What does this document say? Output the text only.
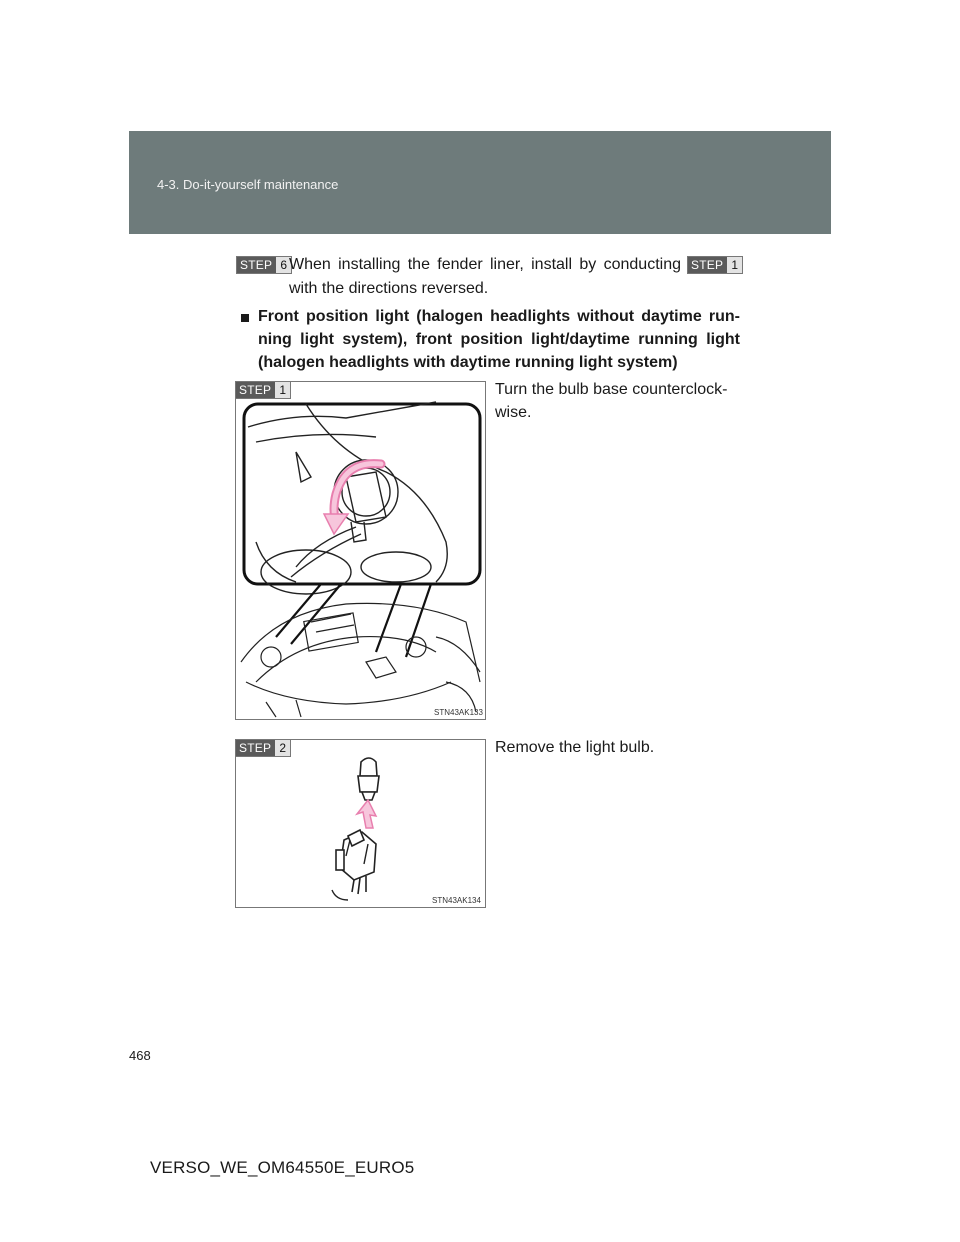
4-3. Do-it-yourself maintenance
STEP 6 When installing the fender liner, install by conducting STEP 1
with the directions reversed.
Front position light (halogen headlights without daytime run-
ning light system), front position light/daytime running light
(halogen headlights with daytime running light system)
STEP 1
STN43AK133
Turn the bulb base counterclock-
wise.
STEP 2
STN43AK134
Remove the light bulb.
468
VERSO_WE_OM64550E_EURO5
